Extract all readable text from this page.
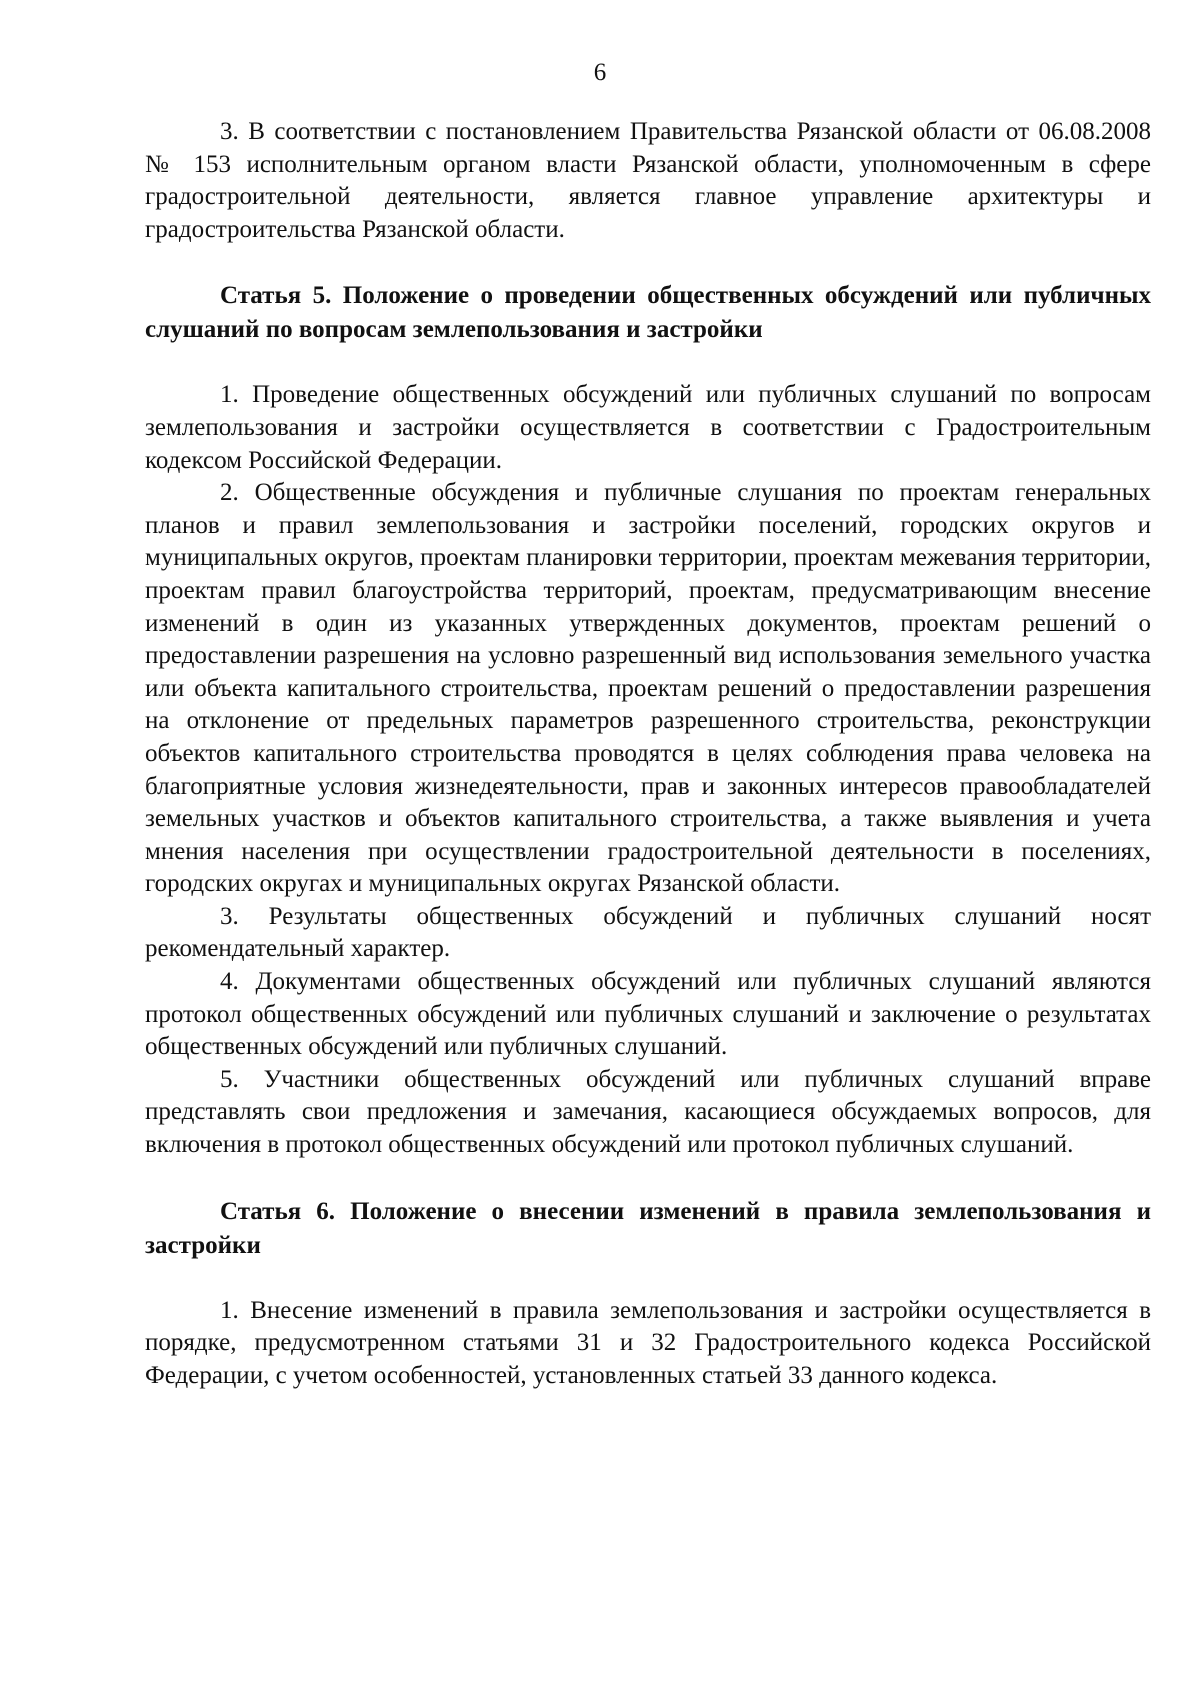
6

3. В соответствии с постановлением Правительства Рязанской области от 06.08.2008 № 153 исполнительным органом власти Рязанской области, уполномоченным в сфере градостроительной деятельности, является главное управление архитектуры и градостроительства Рязанской области.

Статья 5. Положение о проведении общественных обсуждений или публичных слушаний по вопросам землепользования и застройки

1. Проведение общественных обсуждений или публичных слушаний по вопросам землепользования и застройки осуществляется в соответствии с Градостроительным кодексом Российской Федерации.

2. Общественные обсуждения и публичные слушания по проектам генеральных планов и правил землепользования и застройки поселений, городских округов и муниципальных округов, проектам планировки территории, проектам межевания территории, проектам правил благоустройства территорий, проектам, предусматривающим внесение изменений в один из указанных утвержденных документов, проектам решений о предоставлении разрешения на условно разрешенный вид использования земельного участка или объекта капитального строительства, проектам решений о предоставлении разрешения на отклонение от предельных параметров разрешенного строительства, реконструкции объектов капитального строительства проводятся в целях соблюдения права человека на благоприятные условия жизнедеятельности, прав и законных интересов правообладателей земельных участков и объектов капитального строительства, а также выявления и учета мнения населения при осуществлении градостроительной деятельности в поселениях, городских округах и муниципальных округах Рязанской области.

3. Результаты общественных обсуждений и публичных слушаний носят рекомендательный характер.

4. Документами общественных обсуждений или публичных слушаний являются протокол общественных обсуждений или публичных слушаний и заключение о результатах общественных обсуждений или публичных слушаний.

5. Участники общественных обсуждений или публичных слушаний вправе представлять свои предложения и замечания, касающиеся обсуждаемых вопросов, для включения в протокол общественных обсуждений или протокол публичных слушаний.

Статья 6. Положение о внесении изменений в правила землепользования и застройки

1. Внесение изменений в правила землепользования и застройки осуществляется в порядке, предусмотренном статьями 31 и 32 Градостроительного кодекса Российской Федерации, с учетом особенностей, установленных статьей 33 данного кодекса.
